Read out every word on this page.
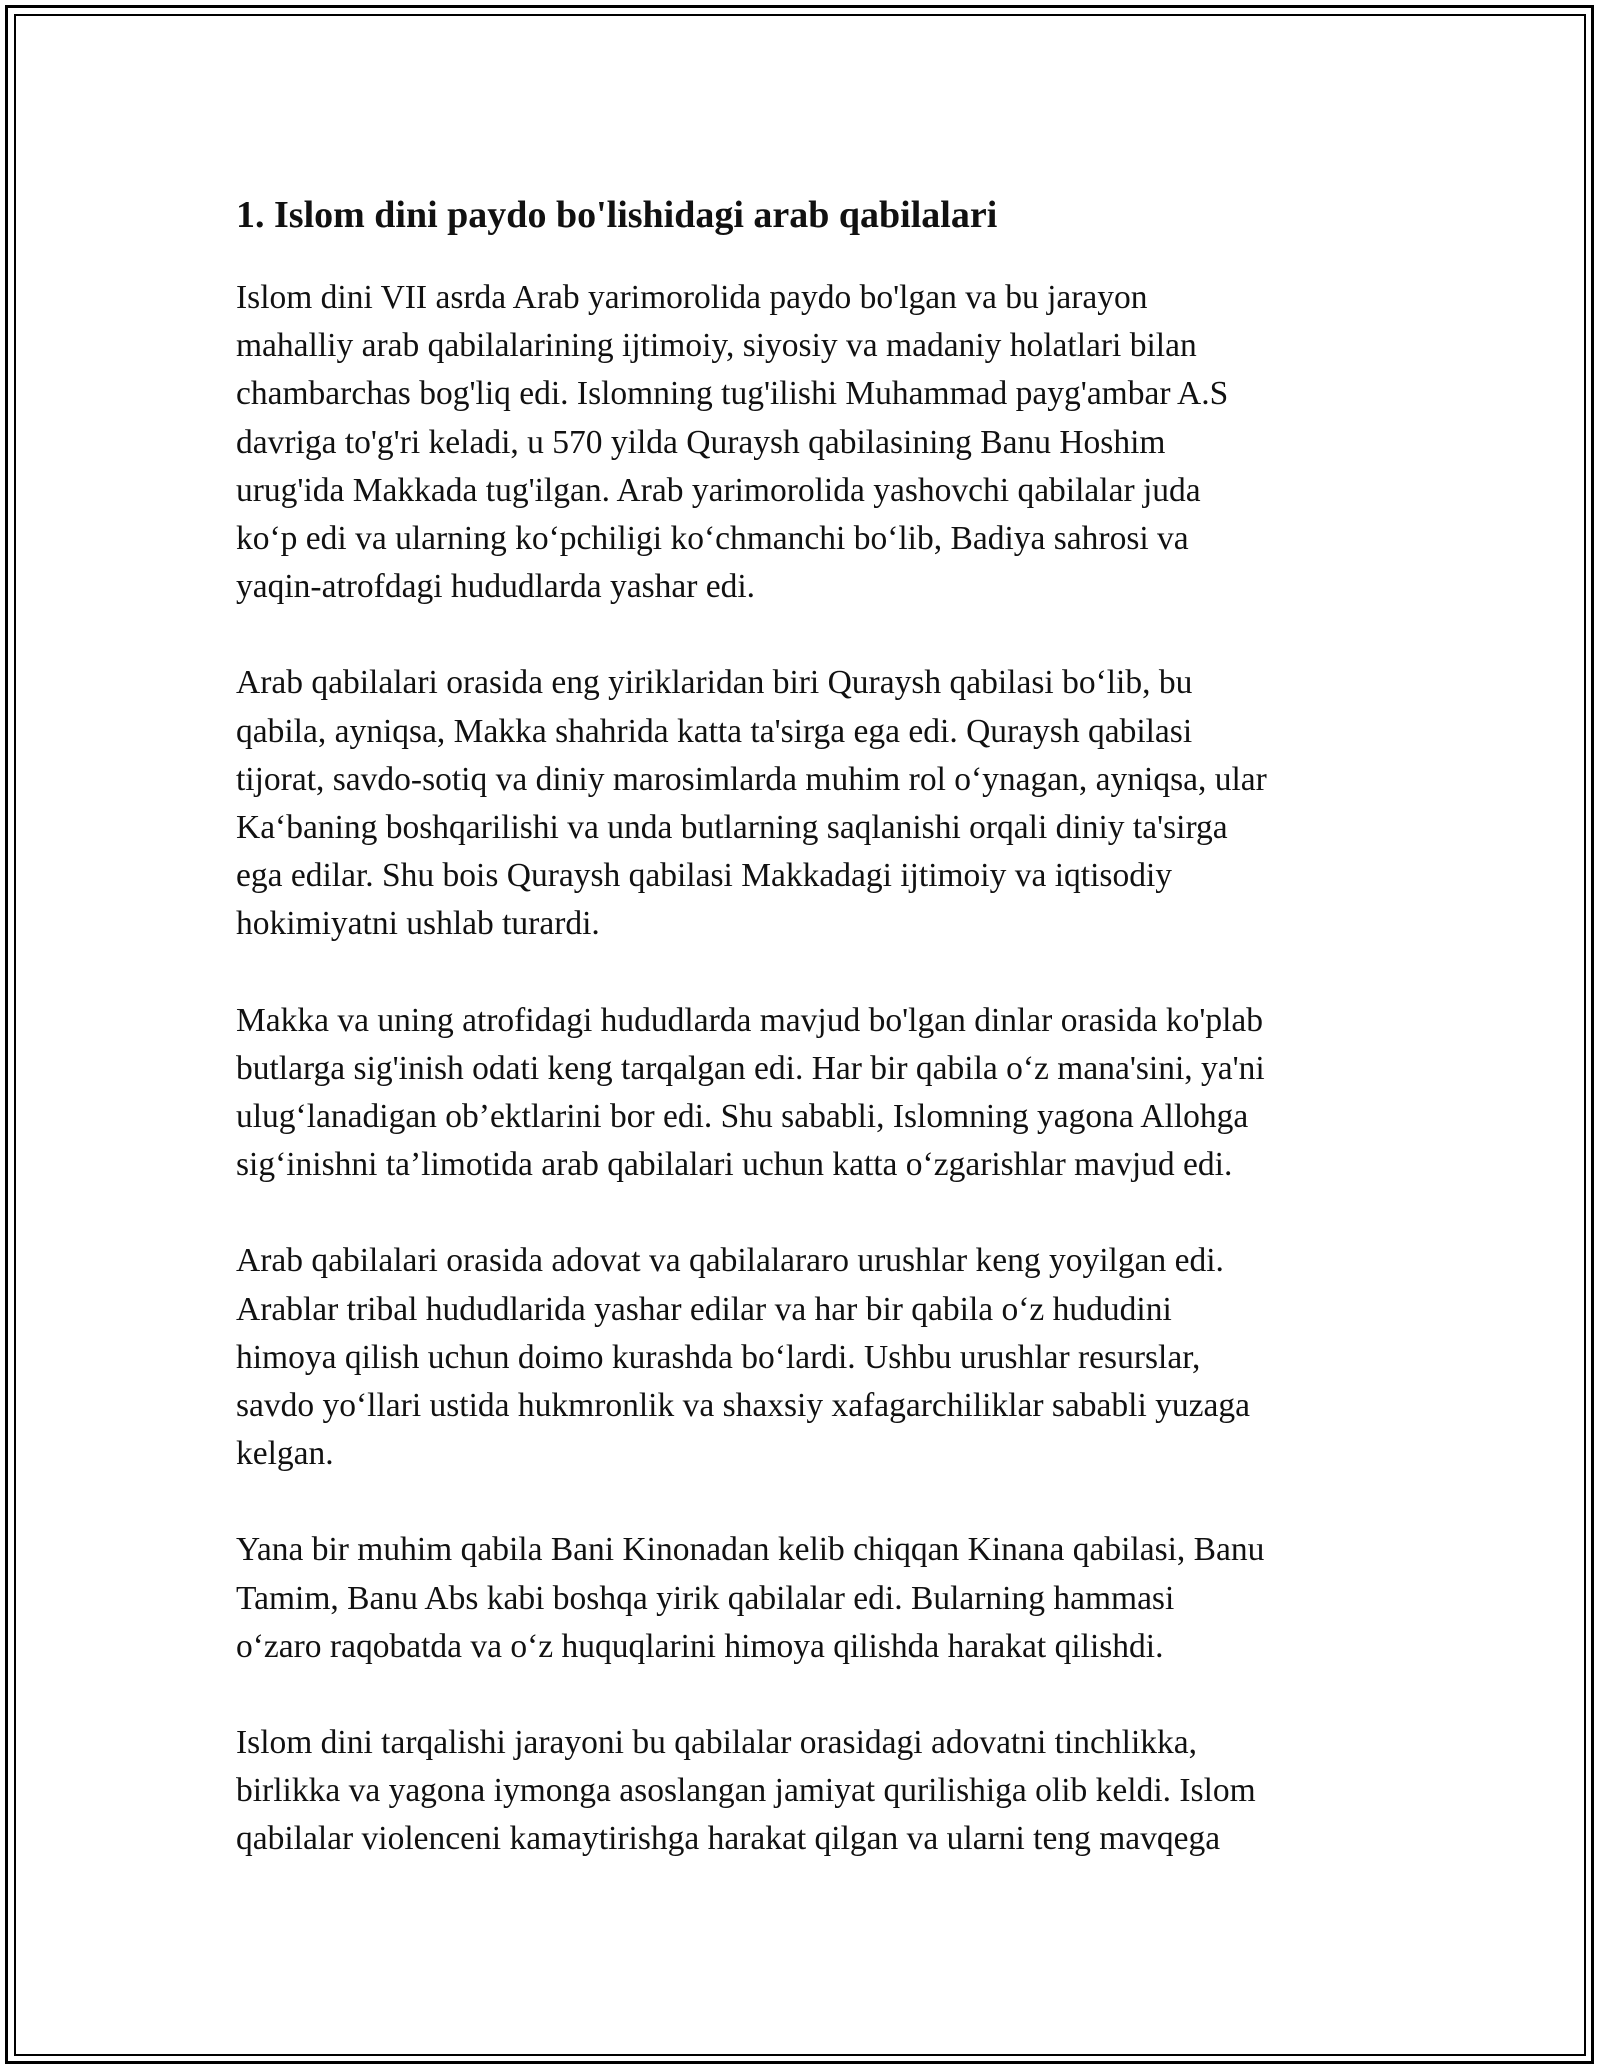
1. Islom dini paydo bo'lishidagi arab qabilalari

Islom dini VII asrda Arab yarimorolida paydo bo'lgan va bu jarayon
mahalliy arab qabilalarining ijtimoiy, siyosiy va madaniy holatlari bilan
chambarchas bog'liq edi. Islomning tug'ilishi Muhammad payg'ambar A.S
davriga to'g'ri keladi, u 570 yilda Quraysh qabilasining Banu Hoshim
urug'ida Makkada tug'ilgan. Arab yarimorolida yashovchi qabilalar juda
ko‘p edi va ularning ko‘pchiligi ko‘chmanchi bo‘lib, Badiya sahrosi va
yaqin-atrofdagi hududlarda yashar edi.

Arab qabilalari orasida eng yiriklaridan biri Quraysh qabilasi bo‘lib, bu
qabila, ayniqsa, Makka shahrida katta ta'sirga ega edi. Quraysh qabilasi
tijorat, savdo-sotiq va diniy marosimlarda muhim rol o‘ynagan, ayniqsa, ular
Ka‘baning boshqarilishi va unda butlarning saqlanishi orqali diniy ta'sirga
ega edilar. Shu bois Quraysh qabilasi Makkadagi ijtimoiy va iqtisodiy
hokimiyatni ushlab turardi.

Makka va uning atrofidagi hududlarda mavjud bo'lgan dinlar orasida ko'plab
butlarga sig'inish odati keng tarqalgan edi. Har bir qabila o‘z mana'sini, ya'ni
ulug‘lanadigan ob’ektlarini bor edi. Shu sababli, Islomning yagona Allohga
sig‘inishni ta’limotida arab qabilalari uchun katta o‘zgarishlar mavjud edi.

Arab qabilalari orasida adovat va qabilalararo urushlar keng yoyilgan edi.
Arablar tribal hududlarida yashar edilar va har bir qabila o‘z hududini
himoya qilish uchun doimo kurashda bo‘lardi. Ushbu urushlar resurslar,
savdo yo‘llari ustida hukmronlik va shaxsiy xafagarchiliklar sababli yuzaga
kelgan.

Yana bir muhim qabila Bani Kinonadan kelib chiqqan Kinana qabilasi, Banu
Tamim, Banu Abs kabi boshqa yirik qabilalar edi. Bularning hammasi
o‘zaro raqobatda va o‘z huquqlarini himoya qilishda harakat qilishdi.

Islom dini tarqalishi jarayoni bu qabilalar orasidagi adovatni tinchlikka,
birlikka va yagona iymonga asoslangan jamiyat qurilishiga olib keldi. Islom
qabilalar violenceni kamaytirishga harakat qilgan va ularni teng mavqega
